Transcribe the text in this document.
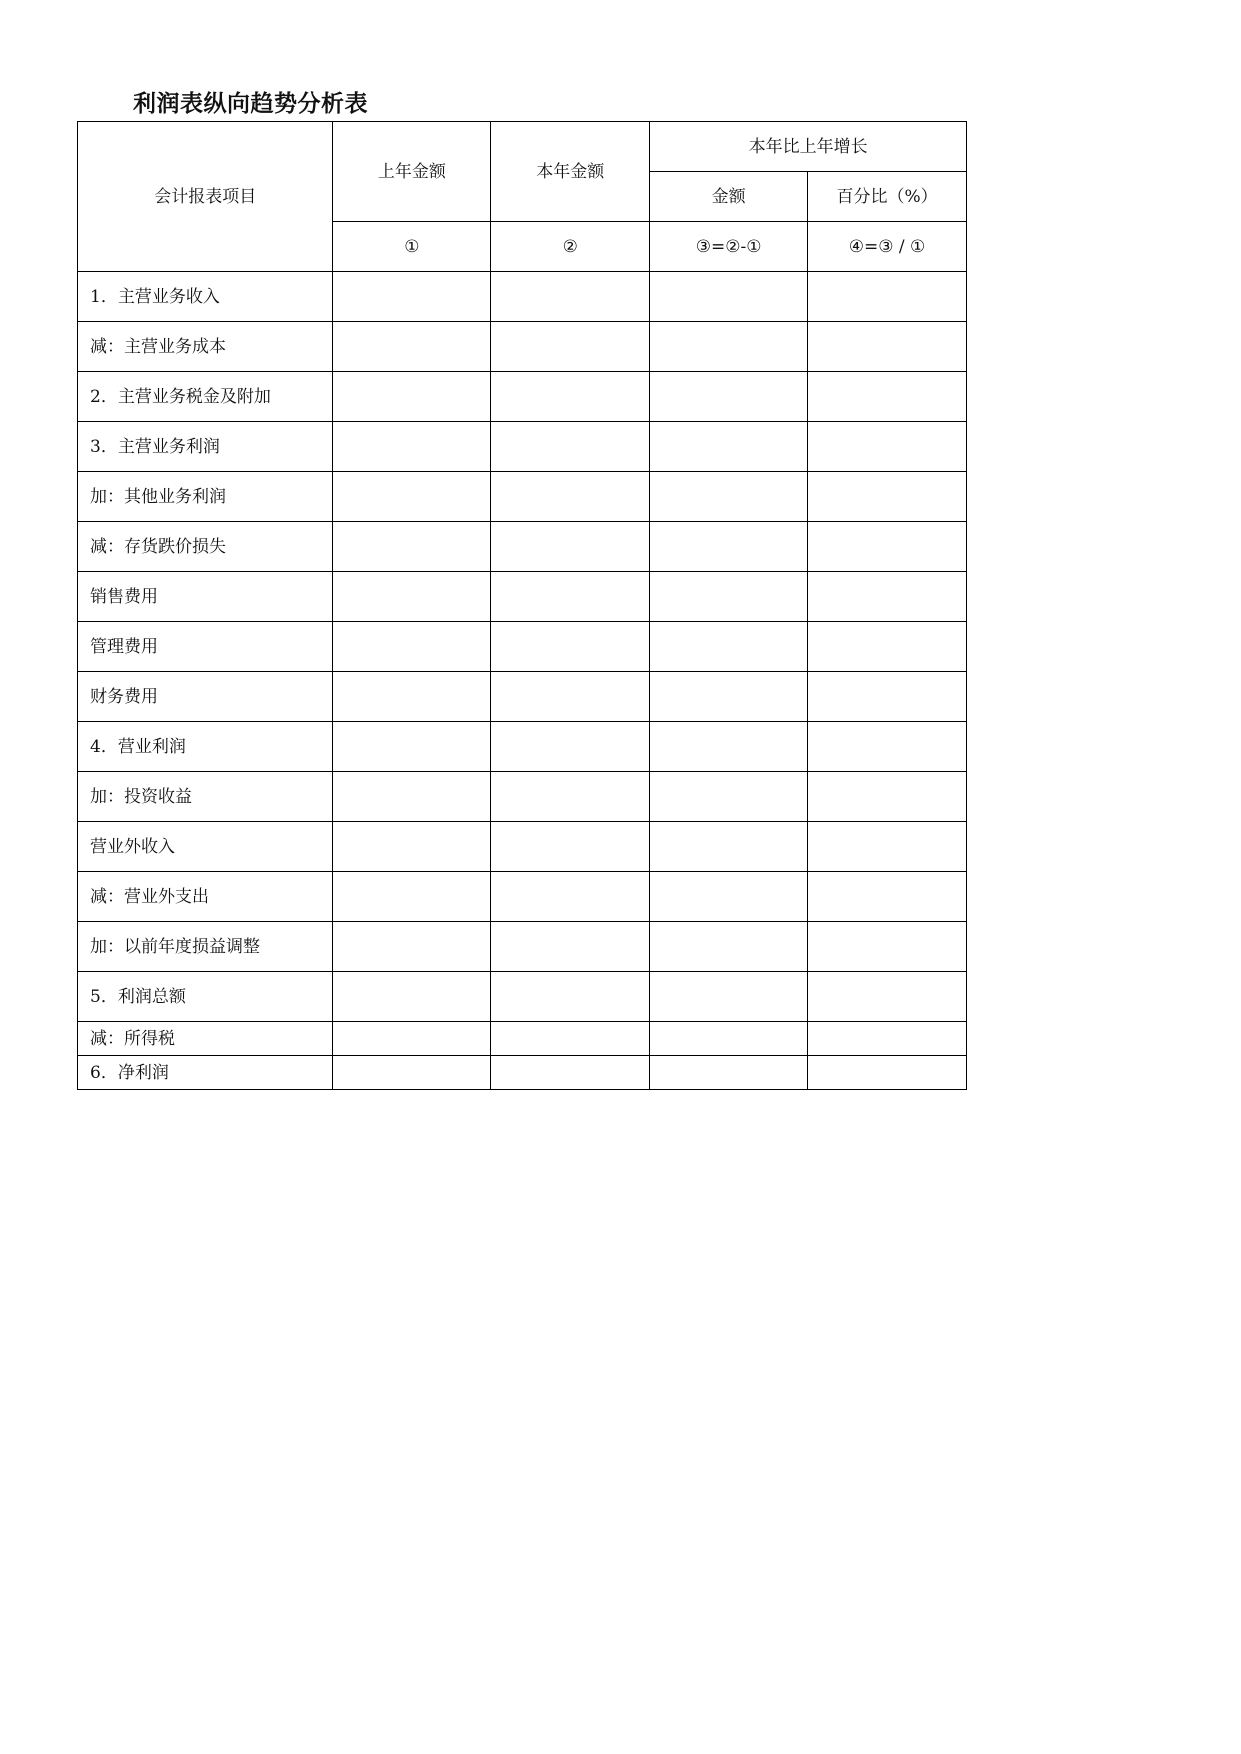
利润表纵向趋势分析表
会计报表项目	上年金额	本年金额	本年比上年增长	
			金额	百分比（%）
	①	②	③=②-①	④=③ / ①
1．主营业务收入				
减：主营业务成本				
2．主营业务税金及附加				
3．主营业务利润				
加：其他业务利润				
减：存货跌价损失				
销售费用				
管理费用				
财务费用				
4．营业利润				
加：投资收益				
营业外收入				
减：营业外支出				
加：以前年度损益调整				
5．利润总额				
减：所得税				
6．净利润				
